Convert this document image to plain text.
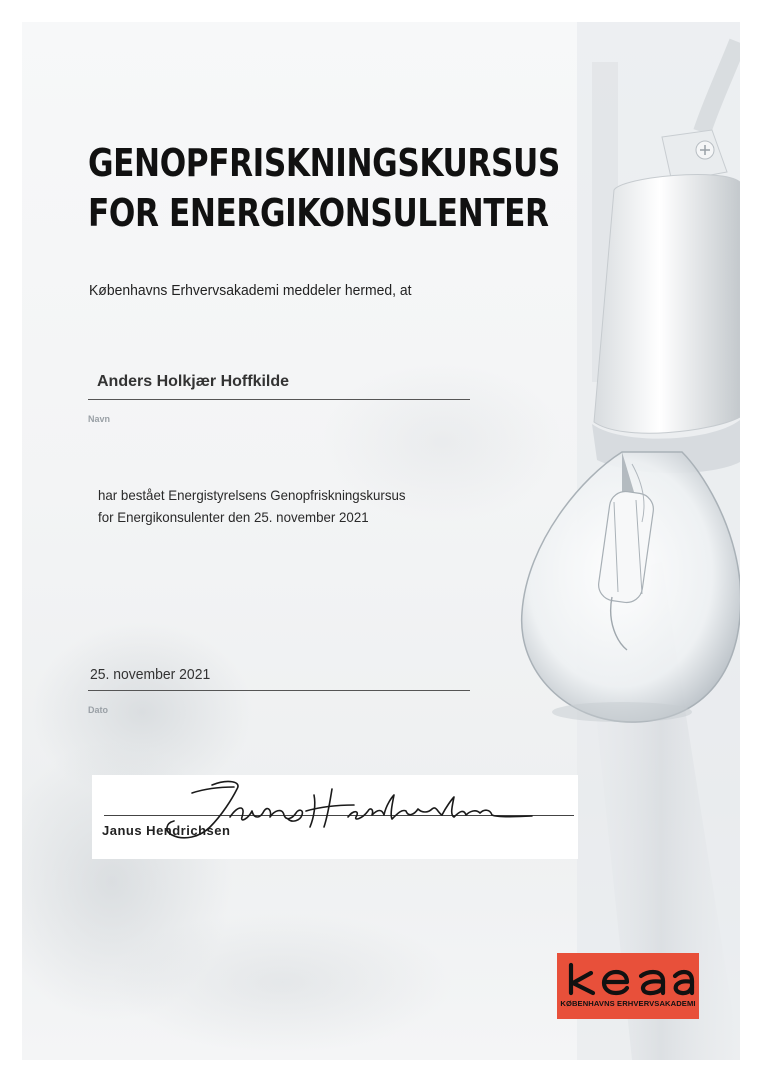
GENOPFRISKNINGSKURSUS
FOR ENERGIKONSULENTER
Københavns Erhvervsakademi meddeler hermed, at
Anders Holkjær Hoffkilde
Navn
har bestået Energistyrelsens Genopfriskningskursus
for Energikonsulenter den 25. november 2021
25. november 2021
Dato
Janus Hendrichsen
KØBENHAVNS ERHVERVSAKADEMI
